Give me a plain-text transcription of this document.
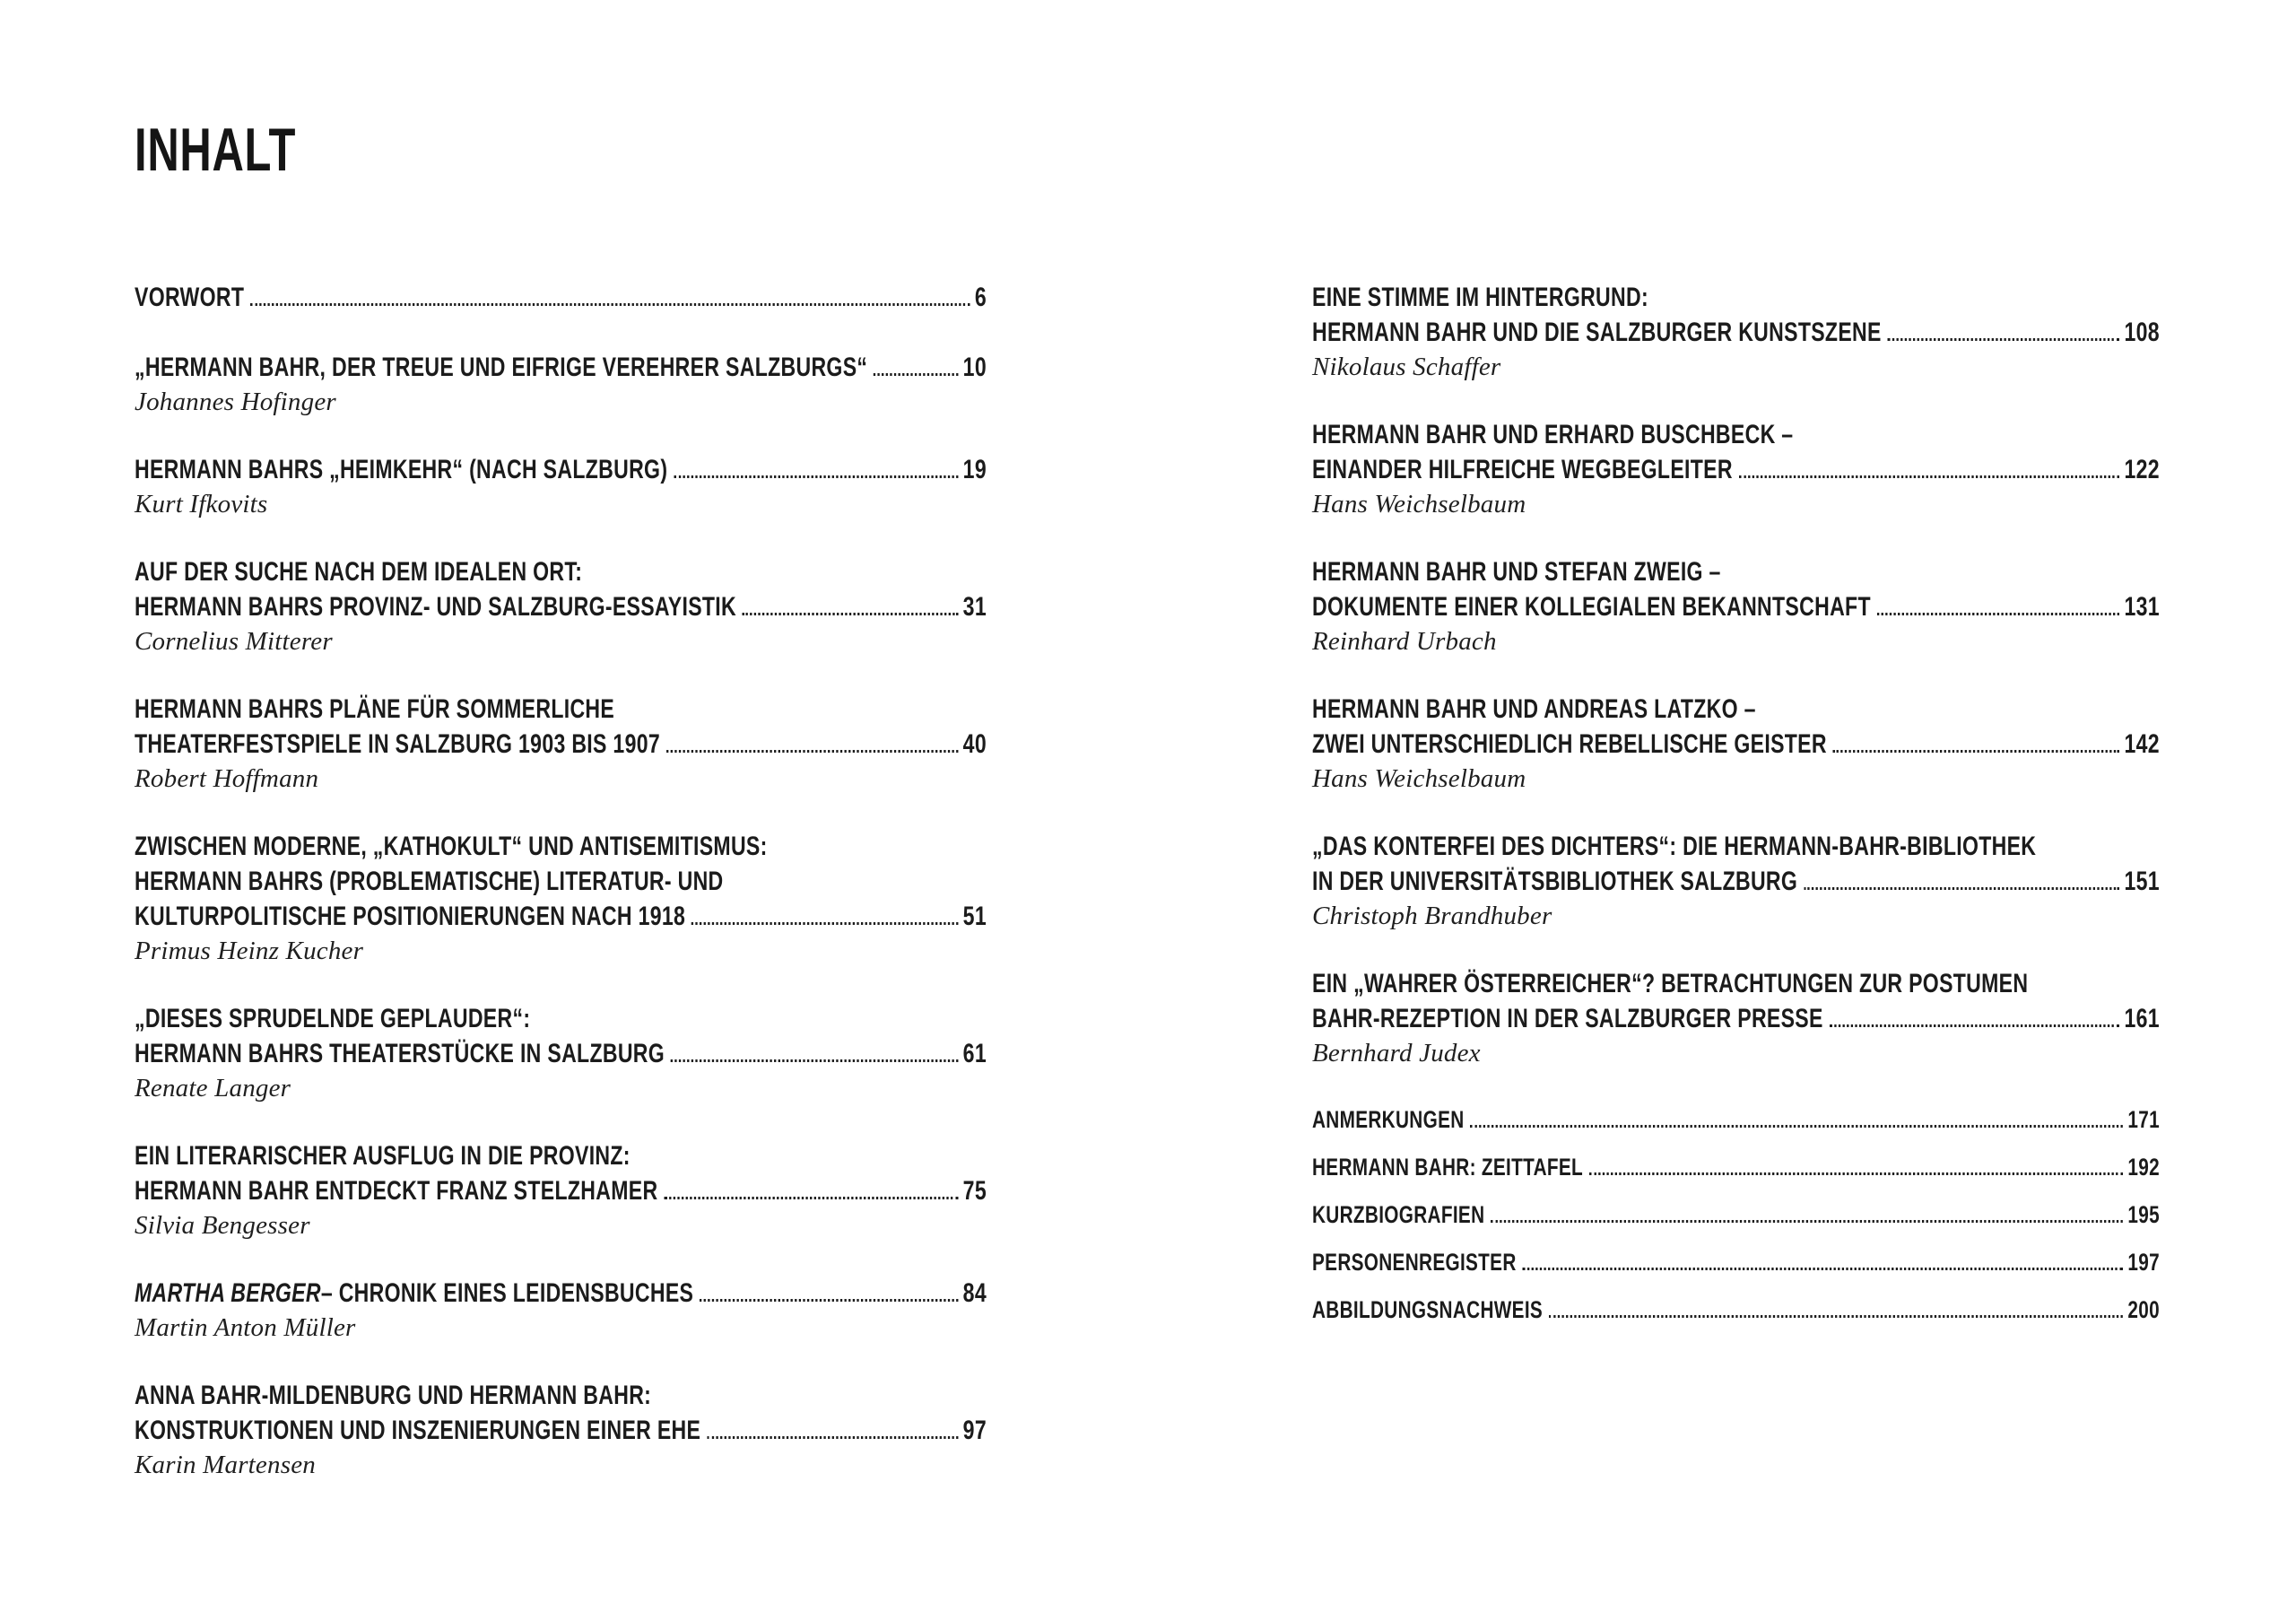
INHALT
VORWORT	6
„HERMANN BAHR, DER TREUE UND EIFRIGE VEREHRER SALZBURGS“	10
Johannes Hofinger
HERMANN BAHRS „HEIMKEHR“ (NACH SALZBURG)	19
Kurt Ifkovits
AUF DER SUCHE NACH DEM IDEALEN ORT:
HERMANN BAHRS PROVINZ- UND SALZBURG-ESSAYISTIK	31
Cornelius Mitterer
HERMANN BAHRS PLÄNE FÜR SOMMERLICHE
THEATERFESTSPIELE IN SALZBURG 1903 BIS 1907	40
Robert Hoffmann
ZWISCHEN MODERNE, „KATHOKULT“ UND ANTISEMITISMUS:
HERMANN BAHRS (PROBLEMATISCHE) LITERATUR- UND
KULTURPOLITISCHE POSITIONIERUNGEN NACH 1918	51
Primus Heinz Kucher
„DIESES SPRUDELNDE GEPLAUDER“:
HERMANN BAHRS THEATERSTÜCKE IN SALZBURG	61
Renate Langer
EIN LITERARISCHER AUSFLUG IN DIE PROVINZ:
HERMANN BAHR ENTDECKT FRANZ STELZHAMER	75
Silvia Bengesser
MARTHA BERGER – CHRONIK EINES LEIDENSBUCHES	84
Martin Anton Müller
ANNA BAHR-MILDENBURG UND HERMANN BAHR:
KONSTRUKTIONEN UND INSZENIERUNGEN EINER EHE	97
Karin Martensen
EINE STIMME IM HINTERGRUND:
HERMANN BAHR UND DIE SALZBURGER KUNSTSZENE	108
Nikolaus Schaffer
HERMANN BAHR UND ERHARD BUSCHBECK –
EINANDER HILFREICHE WEGBEGLEITER	122
Hans Weichselbaum
HERMANN BAHR UND STEFAN ZWEIG –
DOKUMENTE EINER KOLLEGIALEN BEKANNTSCHAFT	131
Reinhard Urbach
HERMANN BAHR UND ANDREAS LATZKO –
ZWEI UNTERSCHIEDLICH REBELLISCHE GEISTER	142
Hans Weichselbaum
„DAS KONTERFEI DES DICHTERS“: DIE HERMANN-BAHR-BIBLIOTHEK
IN DER UNIVERSITÄTSBIBLIOTHEK SALZBURG	151
Christoph Brandhuber
EIN „WAHRER ÖSTERREICHER“? BETRACHTUNGEN ZUR POSTUMEN
BAHR-REZEPTION IN DER SALZBURGER PRESSE	161
Bernhard Judex
ANMERKUNGEN	171
HERMANN BAHR: ZEITTAFEL	192
KURZBIOGRAFIEN	195
PERSONENREGISTER	197
ABBILDUNGSNACHWEIS	200
